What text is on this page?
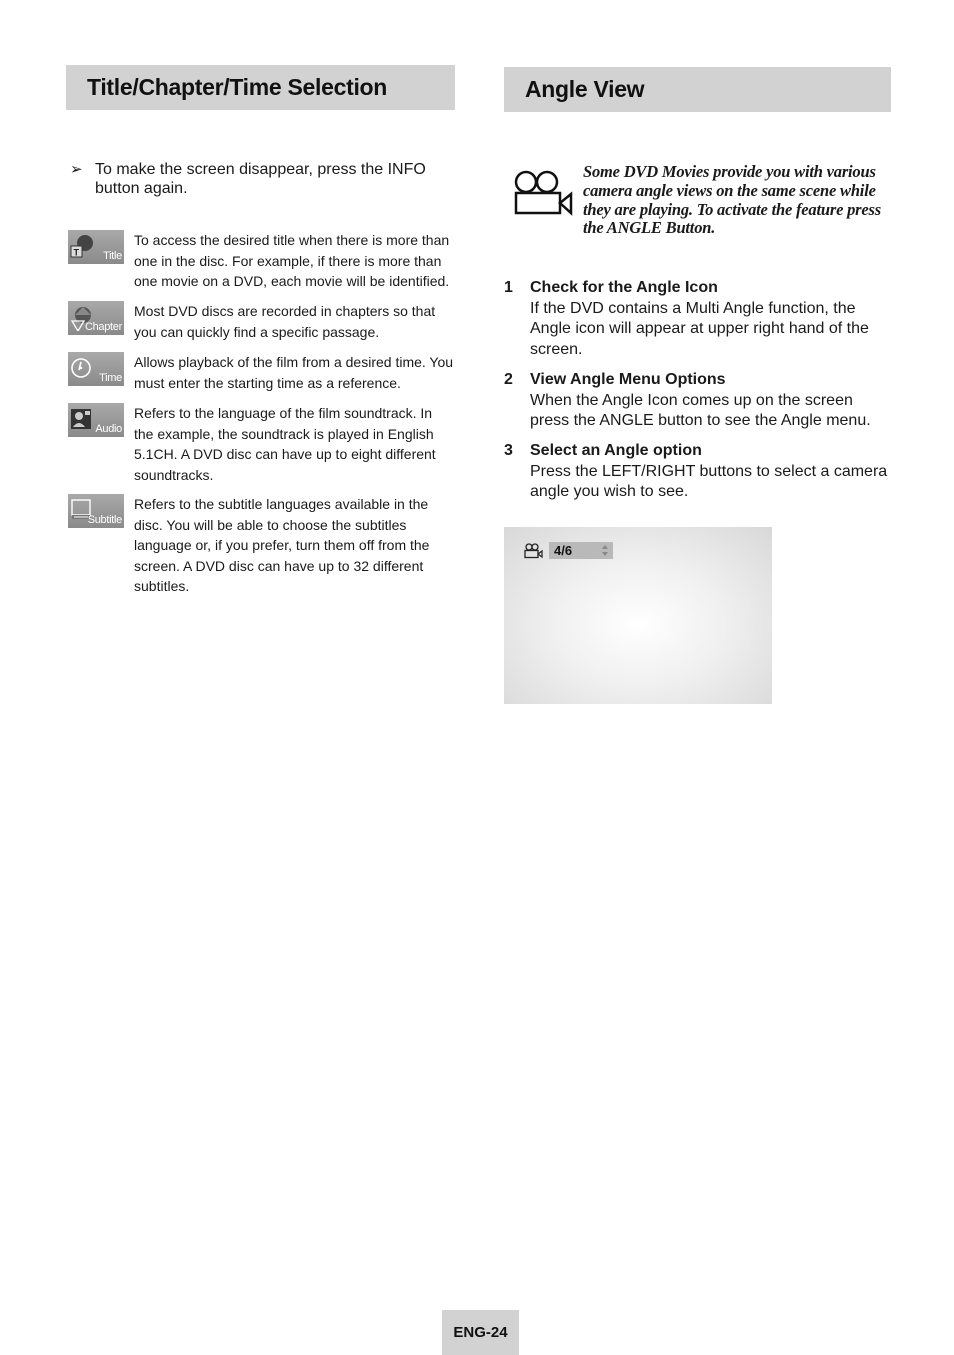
Title/Chapter/Time Selection	Angle View
➢ To make the screen disappear, press the INFO button again.
T Title
To access the desired title when there is more than one in the disc. For example, if there is more than one movie on a DVD, each movie will be identified.
Chapter
Most DVD discs are recorded in chapters so that you can quickly find a specific passage.
Time
Allows playback of the film from a desired time. You must enter the starting time as a reference.
Audio
Refers to the language of the film soundtrack. In the example, the soundtrack is played in English 5.1CH. A DVD disc can have up to eight different soundtracks.
Subtitle
Refers to the subtitle languages available in the disc. You will be able to choose the subtitles language or, if you prefer, turn them off from the screen. A DVD disc can have up to 32 different subtitles.
Some DVD Movies provide you with various camera angle views on the same scene while they are playing. To activate the feature press the ANGLE Button.
1 Check for the Angle Icon
If the DVD contains a Multi Angle function, the Angle icon will appear at upper right hand of the screen.
2 View Angle Menu Options
When the Angle Icon comes up on the screen press the ANGLE button to see the Angle menu.
3 Select an Angle option
Press the LEFT/RIGHT buttons to select a camera angle you wish to see.
4/6
ENG-24
